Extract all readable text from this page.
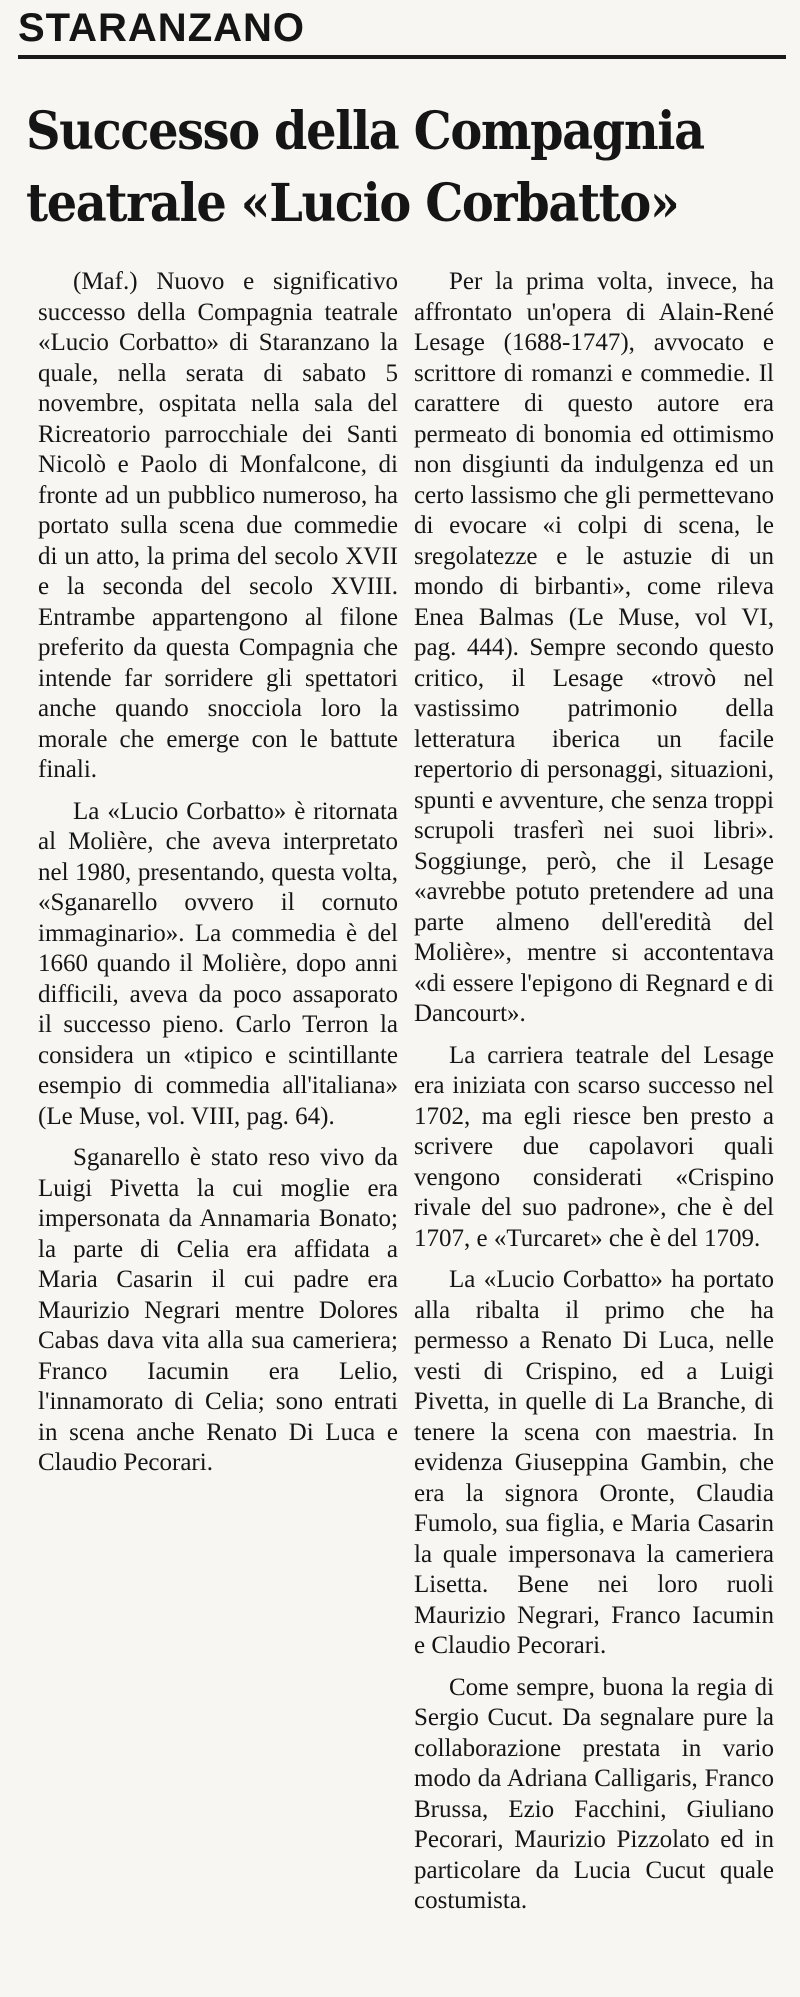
STARANZANO
Successo della Compagnia
teatrale «Lucio Corbatto»

(Maf.) Nuovo e significativo successo della Compagnia teatrale «Lucio Corbatto» di Staranzano la quale, nella serata di sabato 5 novembre, ospitata nella sala del Ricreatorio parrocchiale dei Santi Nicolò e Paolo di Monfalcone, di fronte ad un pubblico numeroso, ha portato sulla scena due commedie di un atto, la prima del secolo XVII e la seconda del secolo XVIII. Entrambe appartengono al filone preferito da questa Compagnia che intende far sorridere gli spettatori anche quando snocciola loro la morale che emerge con le battute finali.

La «Lucio Corbatto» è ritornata al Molière, che aveva interpretato nel 1980, presentando, questa volta, «Sganarello ovvero il cornuto immaginario». La commedia è del 1660 quando il Molière, dopo anni difficili, aveva da poco assaporato il successo pieno. Carlo Terron la considera un «tipico e scintillante esempio di commedia all'italiana» (Le Muse, vol. VIII, pag. 64).

Sganarello è stato reso vivo da Luigi Pivetta la cui moglie era impersonata da Annamaria Bonato; la parte di Celia era affidata a Maria Casarin il cui padre era Maurizio Negrari mentre Dolores Cabas dava vita alla sua cameriera; Franco Iacumin era Lelio, l'innamorato di Celia; sono entrati in scena anche Renato Di Luca e Claudio Pecorari.

Per la prima volta, invece, ha affrontato un'opera di Alain-René Lesage (1688-1747), avvocato e scrittore di romanzi e commedie. Il carattere di questo autore era permeato di bonomia ed ottimismo non disgiunti da indulgenza ed un certo lassismo che gli permettevano di evocare «i colpi di scena, le sregolatezze e le astuzie di un mondo di birbanti», come rileva Enea Balmas (Le Muse, vol VI, pag. 444). Sempre secondo questo critico, il Lesage «trovò nel vastissimo patrimonio della letteratura iberica un facile repertorio di personaggi, situazioni, spunti e avventure, che senza troppi scrupoli trasferì nei suoi libri». Soggiunge, però, che il Lesage «avrebbe potuto pretendere ad una parte almeno dell'eredità del Molière», mentre si accontentava «di essere l'epigono di Regnard e di Dancourt».

La carriera teatrale del Lesage era iniziata con scarso successo nel 1702, ma egli riesce ben presto a scrivere due capolavori quali vengono considerati «Crispino rivale del suo padrone», che è del 1707, e «Turcaret» che è del 1709.

La «Lucio Corbatto» ha portato alla ribalta il primo che ha permesso a Renato Di Luca, nelle vesti di Crispino, ed a Luigi Pivetta, in quelle di La Branche, di tenere la scena con maestria. In evidenza Giuseppina Gambin, che era la signora Oronte, Claudia Fumolo, sua figlia, e Maria Casarin la quale impersonava la cameriera Lisetta. Bene nei loro ruoli Maurizio Negrari, Franco Iacumin e Claudio Pecorari.

Come sempre, buona la regia di Sergio Cucut. Da segnalare pure la collaborazione prestata in vario modo da Adriana Calligaris, Franco Brussa, Ezio Facchini, Giuliano Pecorari, Maurizio Pizzolato ed in particolare da Lucia Cucut quale costumista.
